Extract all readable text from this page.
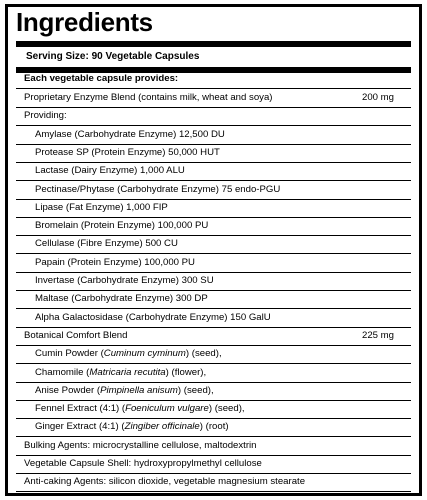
Ingredients
Serving Size: 90 Vegetable Capsules
Each vegetable capsule provides:
Proprietary Enzyme Blend (contains milk, wheat and soya)	200 mg
Providing:
Amylase (Carbohydrate Enzyme) 12,500 DU
Protease SP (Protein Enzyme) 50,000 HUT
Lactase (Dairy Enzyme) 1,000 ALU
Pectinase/Phytase (Carbohydrate Enzyme) 75 endo-PGU
Lipase (Fat Enzyme) 1,000 FIP
Bromelain (Protein Enzyme) 100,000 PU
Cellulase (Fibre Enzyme) 500 CU
Papain (Protein Enzyme) 100,000 PU
Invertase (Carbohydrate Enzyme) 300 SU
Maltase (Carbohydrate Enzyme) 300 DP
Alpha Galactosidase (Carbohydrate Enzyme) 150 GalU
Botanical Comfort Blend	225 mg
Cumin Powder (Cuminum cyminum) (seed),
Chamomile (Matricaria recutita) (flower),
Anise Powder (Pimpinella anisum) (seed),
Fennel Extract (4:1) (Foeniculum vulgare) (seed),
Ginger Extract (4:1) (Zingiber officinale) (root)
Bulking Agents: microcrystalline cellulose, maltodextrin
Vegetable Capsule Shell: hydroxypropylmethyl cellulose
Anti-caking Agents: silicon dioxide, vegetable magnesium stearate
